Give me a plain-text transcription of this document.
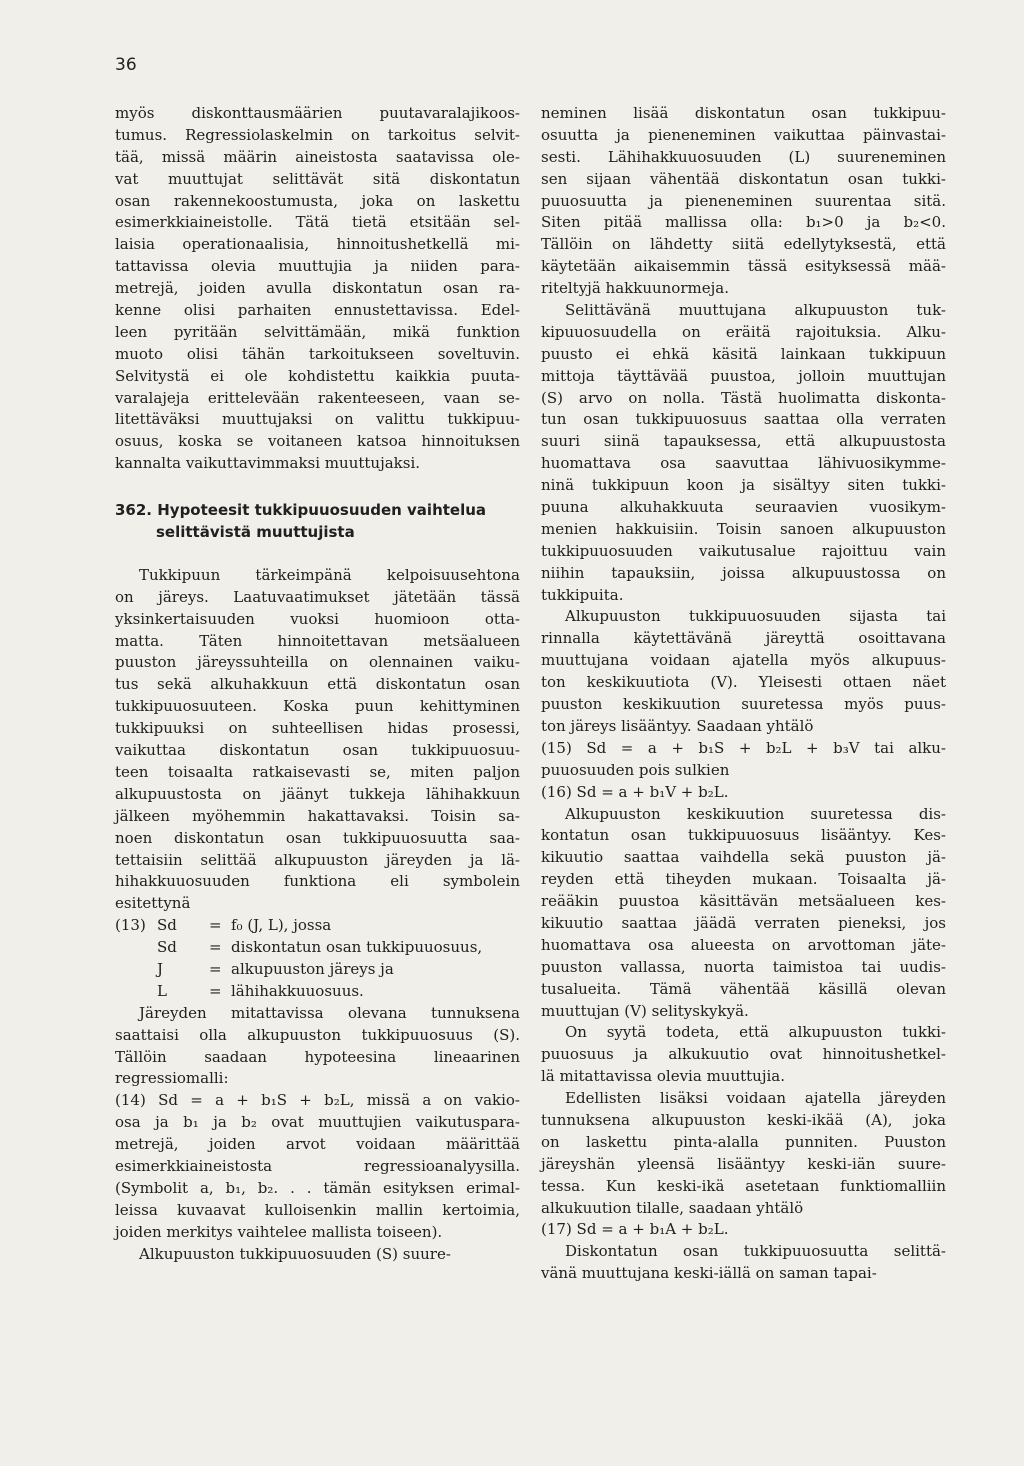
36
myös diskonttausmäärien puutavaralajikoos-
tumus. Regressiolaskelmin on tarkoitus selvit-
tää, missä määrin aineistosta saatavissa ole-
vat muuttujat selittävät sitä diskontatun
osan rakennekoostumusta, joka on laskettu
esimerkkiaineistolle. Tätä tietä etsitään sel-
laisia operationaalisia, hinnoitushetkellä mi-
tattavissa olevia muuttujia ja niiden para-
metrejä, joiden avulla diskontatun osan ra-
kenne olisi parhaiten ennustettavissa. Edel-
leen pyritään selvittämään, mikä funktion
muoto olisi tähän tarkoitukseen soveltuvin.
Selvitystä ei ole kohdistettu kaikkia puuta-
varalajeja erittelevään rakenteeseen, vaan se-
litettäväksi muuttujaksi on valittu tukkipuu-
osuus, koska se voitaneen katsoa hinnoituksen
kannalta vaikuttavimmaksi muuttujaksi.
362. Hypoteesit tukkipuuosuuden vaihtelua
selittävistä muuttujista
Tukkipuun tärkeimpänä kelpoisuusehtona
on järeys. Laatuvaatimukset jätetään tässä
yksinkertaisuuden vuoksi huomioon otta-
matta. Täten hinnoitettavan metsäalueen
puuston järeyssuhteilla on olennainen vaiku-
tus sekä alkuhakkuun että diskontatun osan
tukkipuuosuuteen. Koska puun kehittyminen
tukkipuuksi on suhteellisen hidas prosessi,
vaikuttaa diskontatun osan tukkipuuosuu-
teen toisaalta ratkaisevasti se, miten paljon
alkupuustosta on jäänyt tukkeja lähihakkuun
jälkeen myöhemmin hakattavaksi. Toisin sa-
noen diskontatun osan tukkipuuosuutta saa-
tettaisiin selittää alkupuuston järeyden ja lä-
hihakkuuosuuden funktiona eli symbolein
esitettynä
(13) Sd	= f₀ (J, L), jossa
Sd	= diskontatun osan tukkipuuosuus,
J	= alkupuuston järeys ja
L	= lähihakkuuosuus.
Järeyden mitattavissa olevana tunnuksena
saattaisi olla alkupuuston tukkipuuosuus (S).
Tällöin saadaan hypoteesina lineaarinen
regressiomalli:
(14) Sd = a + b₁S + b₂L, missä a on vakio-
osa ja b₁ ja b₂ ovat muuttujien vaikutuspara-
metrejä, joiden arvot voidaan määrittää
esimerkkiaineistosta regressioanalyysilla.
(Symbolit a, b₁, b₂. . . tämän esityksen erimal-
leissa kuvaavat kulloisenkin mallin kertoimia,
joiden merkitys vaihtelee mallista toiseen).
Alkupuuston tukkipuuosuuden (S) suure-
neminen lisää diskontatun osan tukkipuu-
osuutta ja pieneneminen vaikuttaa päinvastai-
sesti. Lähihakkuuosuuden (L) suureneminen
sen sijaan vähentää diskontatun osan tukki-
puuosuutta ja pieneneminen suurentaa sitä.
Siten pitää mallissa olla: b₁>0 ja b₂<0.
Tällöin on lähdetty siitä edellytyksestä, että
käytetään aikaisemmin tässä esityksessä mää-
riteltyjä hakkuunormeja.
Selittävänä muuttujana alkupuuston tuk-
kipuuosuudella on eräitä rajoituksia. Alku-
puusto ei ehkä käsitä lainkaan tukkipuun
mittoja täyttävää puustoa, jolloin muuttujan
(S) arvo on nolla. Tästä huolimatta diskonta-
tun osan tukkipuuosuus saattaa olla verraten
suuri siinä tapauksessa, että alkupuustosta
huomattava osa saavuttaa lähivuosikymme-
ninä tukkipuun koon ja sisältyy siten tukki-
puuna alkuhakkuuta seuraavien vuosikym-
menien hakkuisiin. Toisin sanoen alkupuuston
tukkipuuosuuden vaikutusalue rajoittuu vain
niihin tapauksiin, joissa alkupuustossa on
tukkipuita.
Alkupuuston tukkipuuosuuden sijasta tai
rinnalla käytettävänä järeyttä osoittavana
muuttujana voidaan ajatella myös alkupuus-
ton keskikuutiota (V). Yleisesti ottaen näet
puuston keskikuution suuretessa myös puus-
ton järeys lisääntyy. Saadaan yhtälö
(15) Sd = a + b₁S + b₂L + b₃V tai alku-
puuosuuden pois sulkien
(16) Sd = a + b₁V + b₂L.
Alkupuuston keskikuution suuretessa dis-
kontatun osan tukkipuuosuus lisääntyy. Kes-
kikuutio saattaa vaihdella sekä puuston jä-
reyden että tiheyden mukaan. Toisaalta jä-
reääkin puustoa käsittävän metsäalueen kes-
kikuutio saattaa jäädä verraten pieneksi, jos
huomattava osa alueesta on arvottoman jäte-
puuston vallassa, nuorta taimistoa tai uudis-
tusalueita. Tämä vähentää käsillä olevan
muuttujan (V) selityskykyä.
On syytä todeta, että alkupuuston tukki-
puuosuus ja alkukuutio ovat hinnoitushetkel-
lä mitattavissa olevia muuttujia.
Edellisten lisäksi voidaan ajatella järeyden
tunnuksena alkupuuston keski-ikää (A), joka
on laskettu pinta-alalla punniten. Puuston
järeyshän yleensä lisääntyy keski-iän suure-
tessa. Kun keski-ikä asetetaan funktiomalliin
alkukuution tilalle, saadaan yhtälö
(17) Sd = a + b₁A + b₂L.
Diskontatun osan tukkipuuosuutta selittä-
vänä muuttujana keski-iällä on saman tapai-
